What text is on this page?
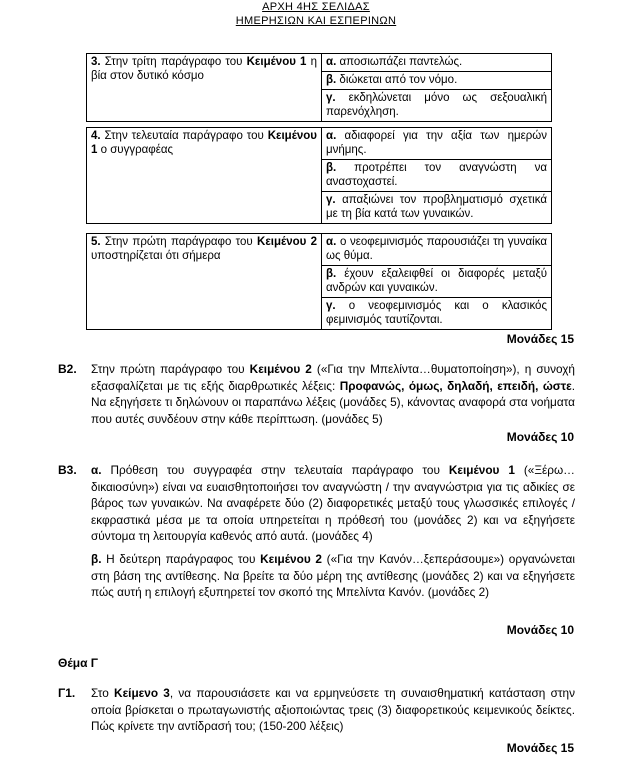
ΑΡΧΗ 4ΗΣ ΣΕΛΙΔΑΣ
ΗΜΕΡΗΣΙΩΝ ΚΑΙ ΕΣΠΕΡΙΝΩΝ
3. Στην τρίτη παράγραφο του Κειμένου 1 η βία στον δυτικό κόσμο	α. αποσιωπάζει παντελώς.
β. διώκεται από τον νόμο.
γ. εκδηλώνεται μόνο ως σεξουαλική παρενόχληση.
4. Στην τελευταία παράγραφο του Κειμένου 1 ο συγγραφέας	α. αδιαφορεί για την αξία των ημερών μνήμης.
β. προτρέπει τον αναγνώστη να αναστοχαστεί.
γ. απαξιώνει τον προβληματισμό σχετικά με τη βία κατά των γυναικών.
5. Στην πρώτη παράγραφο του Κειμένου 2 υποστηρίζεται ότι σήμερα	α. ο νεοφεμινισμός παρουσιάζει τη γυναίκα ως θύμα.
β. έχουν εξαλειφθεί οι διαφορές μεταξύ ανδρών και γυναικών.
γ. ο νεοφεμινισμός και ο κλασικός φεμινισμός ταυτίζονται.
Μονάδες 15
Β2. Στην πρώτη παράγραφο του Κειμένου 2 («Για την Μπελίντα…θυματοποίηση»), η συνοχή εξασφαλίζεται με τις εξής διαρθρωτικές λέξεις: Προφανώς, όμως, δηλαδή, επειδή, ώστε. Να εξηγήσετε τι δηλώνουν οι παραπάνω λέξεις (μονάδες 5), κάνοντας αναφορά στα νοήματα που αυτές συνδέουν στην κάθε περίπτωση. (μονάδες 5)
Μονάδες 10
Β3. α. Πρόθεση του συγγραφέα στην τελευταία παράγραφο του Κειμένου 1 («Ξέρω… δικαιοσύνη») είναι να ευαισθητοποιήσει τον αναγνώστη / την αναγνώστρια για τις αδικίες σε βάρος των γυναικών. Να αναφέρετε δύο (2) διαφορετικές μεταξύ τους γλωσσικές επιλογές / εκφραστικά μέσα με τα οποία υπηρετείται η πρόθεσή του (μονάδες 2) και να εξηγήσετε σύντομα τη λειτουργία καθενός από αυτά. (μονάδες 4)
β. Η δεύτερη παράγραφος του Κειμένου 2 («Για την Κανόν…ξεπεράσουμε») οργανώνεται στη βάση της αντίθεσης. Να βρείτε τα δύο μέρη της αντίθεσης (μονάδες 2) και να εξηγήσετε πώς αυτή η επιλογή εξυπηρετεί τον σκοπό της Μπελίντα Κανόν. (μονάδες 2)
Μονάδες 10
Θέμα Γ
Γ1. Στο Κείμενο 3, να παρουσιάσετε και να ερμηνεύσετε τη συναισθηματική κατάσταση στην οποία βρίσκεται ο πρωταγωνιστής αξιοποιώντας τρεις (3) διαφορετικούς κειμενικούς δείκτες. Πώς κρίνετε την αντίδρασή του; (150-200 λέξεις)
Μονάδες 15
